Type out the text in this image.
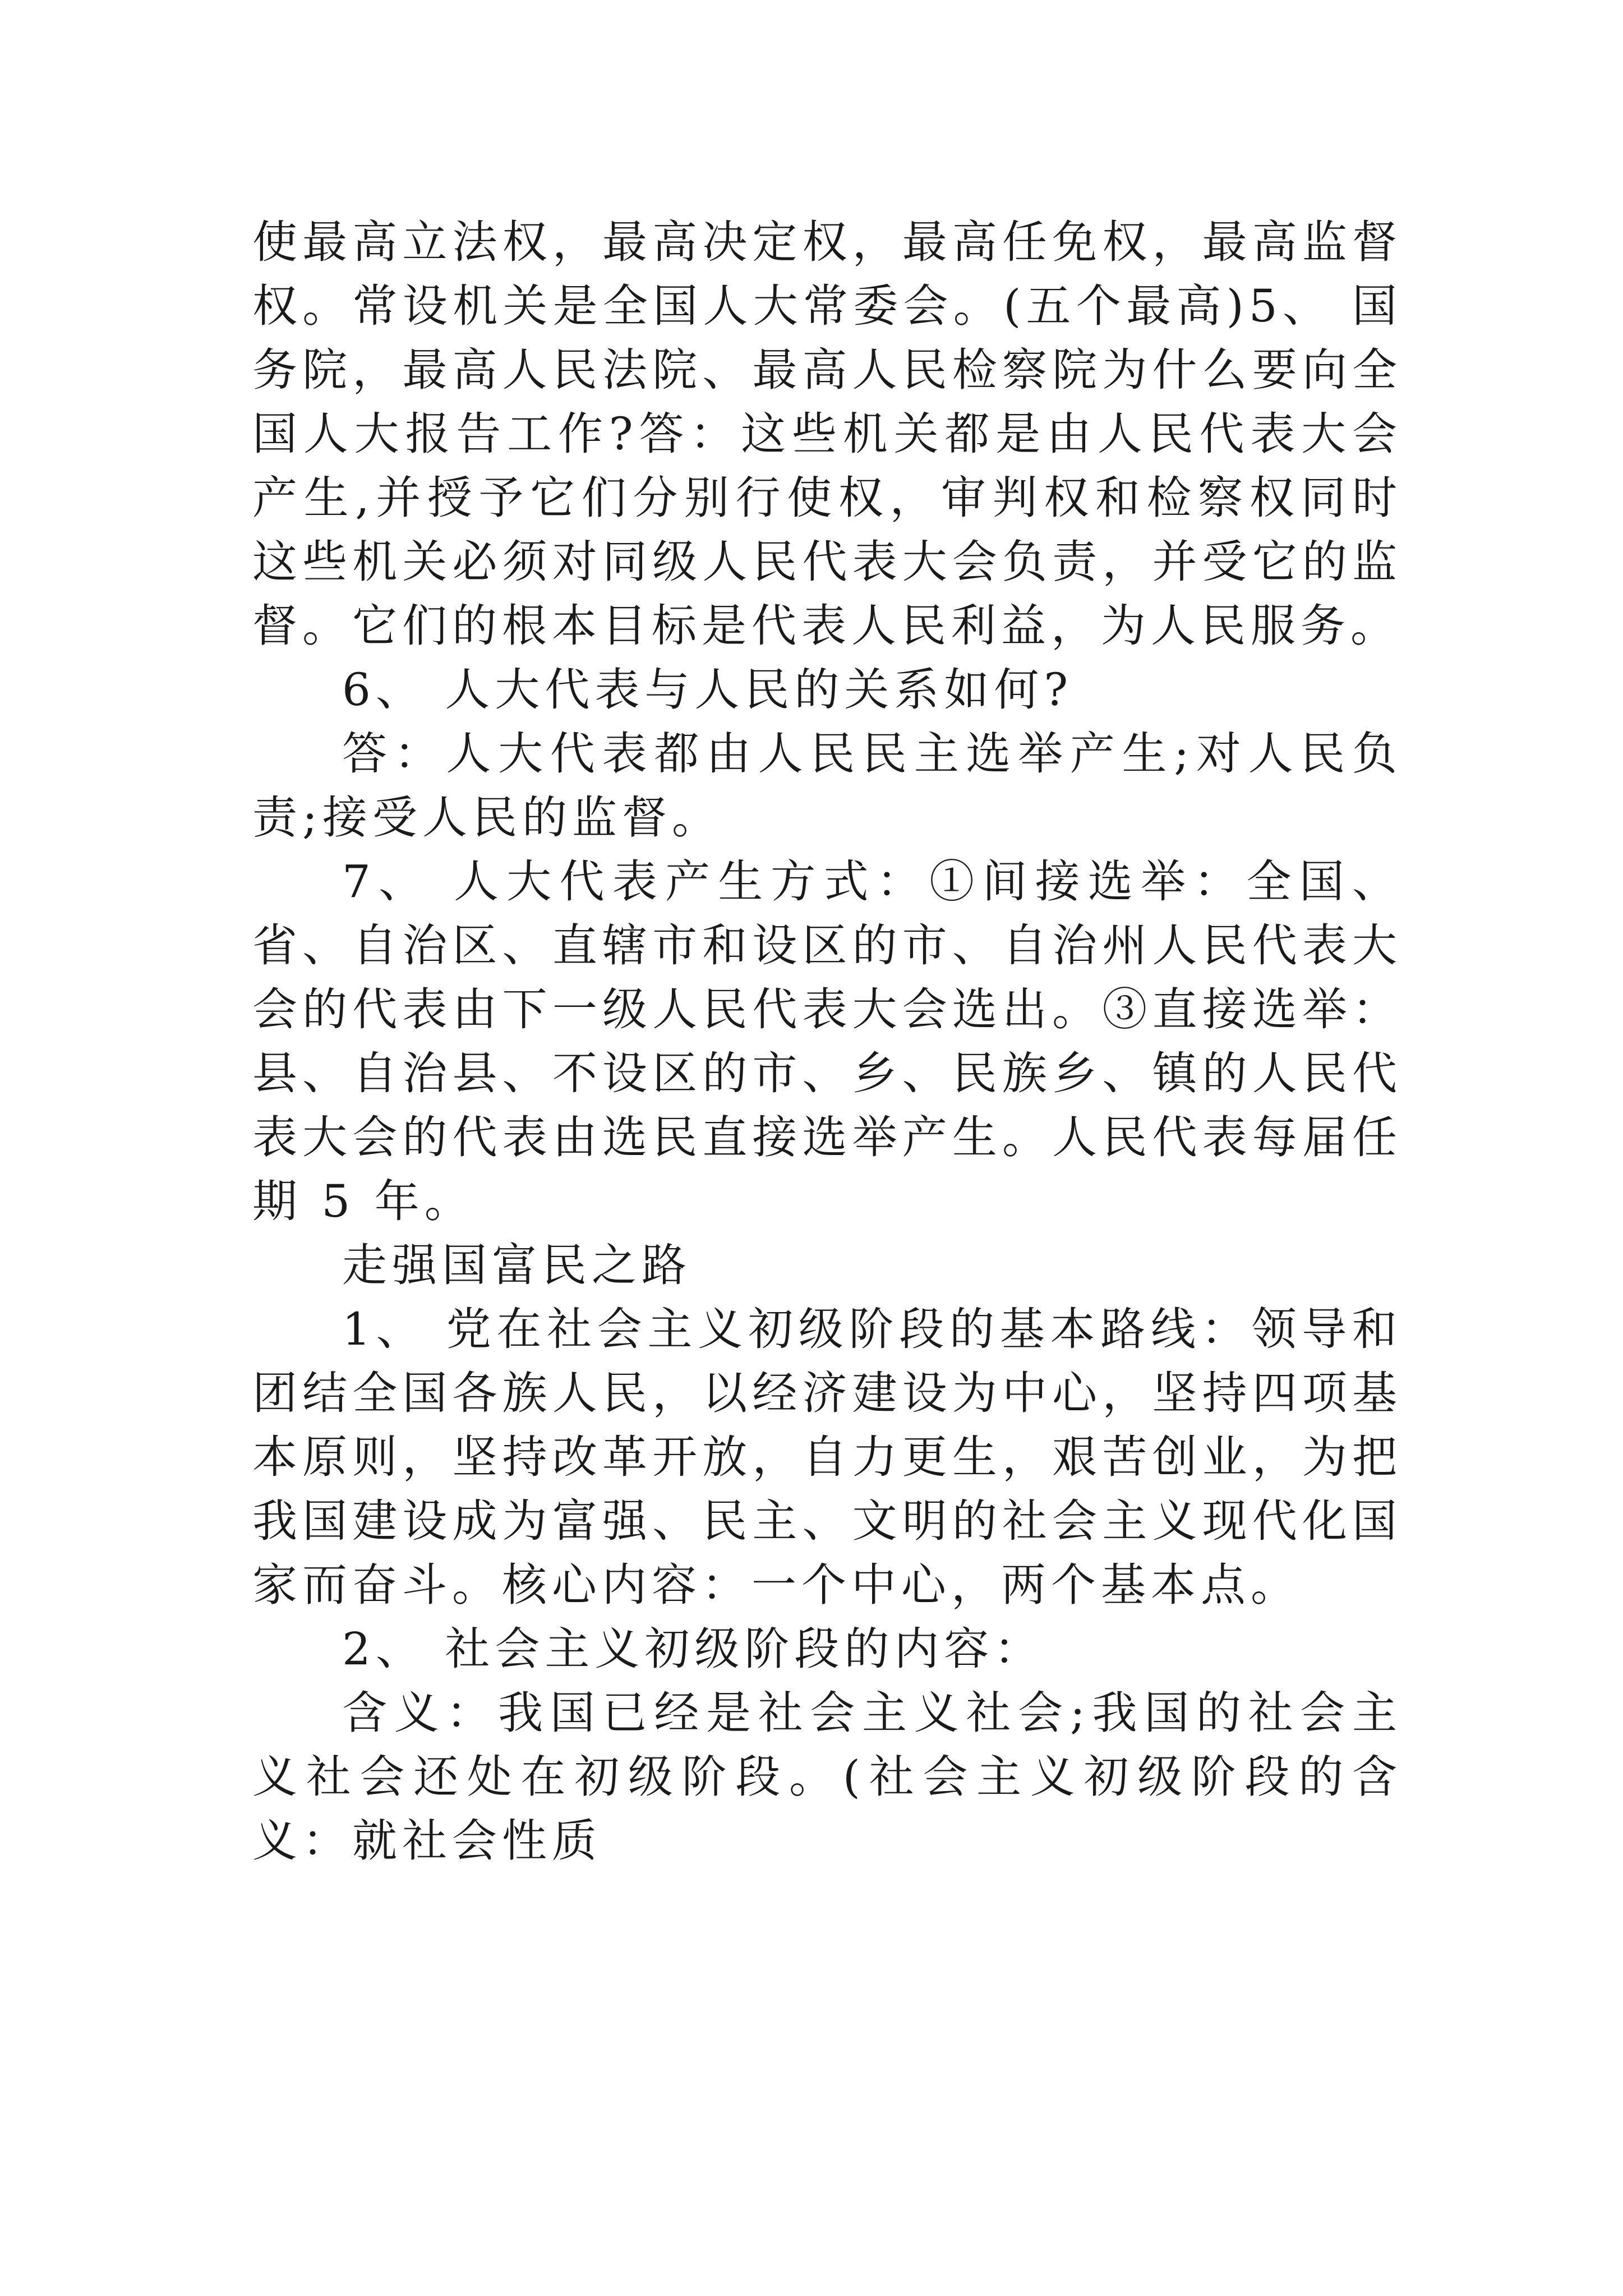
使最高立法权，最高决定权，最高任免权，最高监督权。常设机关是全国人大常委会。(五个最高)5、 国务院，最高人民法院、最高人民检察院为什么要向全国人大报告工作?答：这些机关都是由人民代表大会产生,并授予它们分别行使权，审判权和检察权同时这些机关必须对同级人民代表大会负责，并受它的监督。它们的根本目标是代表人民利益，为人民服务。

6、 人大代表与人民的关系如何?

答：人大代表都由人民民主选举产生;对人民负责;接受人民的监督。

7、 人大代表产生方式：①间接选举：全国、省、自治区、直辖市和设区的市、自治州人民代表大会的代表由下一级人民代表大会选出。③直接选举：县、自治县、不设区的市、乡、民族乡、镇的人民代表大会的代表由选民直接选举产生。人民代表每届任期 5 年。

走强国富民之路

1、 党在社会主义初级阶段的基本路线：领导和团结全国各族人民，以经济建设为中心，坚持四项基本原则，坚持改革开放，自力更生，艰苦创业，为把我国建设成为富强、民主、文明的社会主义现代化国家而奋斗。核心内容：一个中心，两个基本点。

2、 社会主义初级阶段的内容：

含义：我国已经是社会主义社会;我国的社会主义社会还处在初级阶段。(社会主义初级阶段的含义：就社会性质
